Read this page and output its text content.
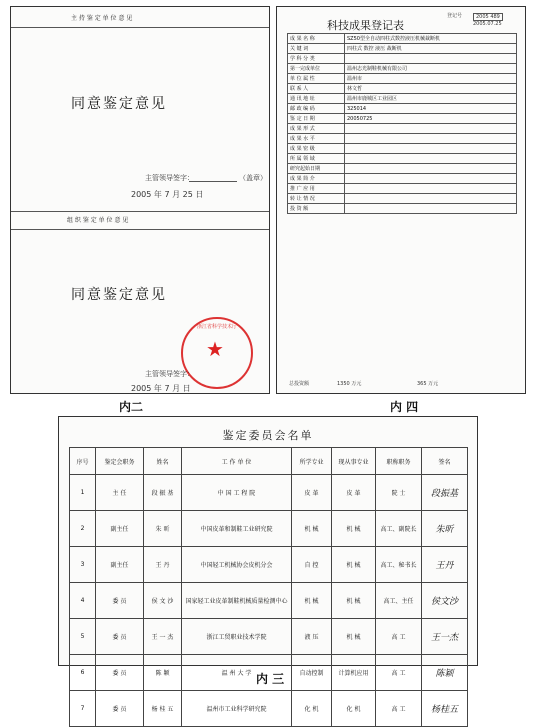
主 持 鉴 定 单 位 意 见
同意鉴定意见
主管领导签字：	（盖章）
2005 年 7 月 25 日
组 织 鉴 定 单 位 意 见
同意鉴定意见
★
浙江省科学技术厅
主管领导签字：
2005 年 7 月 日
内二
科技成果登记表
登记号	2005 489
2005.07.25
成 果 名 称	SZ50型全自动四柱式数控液压机械裁断机
关 键 词	四柱式 数控 液压 裁断机
学 科 分 类	
第一完成单位	温州志光制鞋机械有限公司
单 位 属 性	温州市
联 系 人	林文哲
通 讯 地 址	温州市鹿城区工业园区
邮 政 编 码	325014
鉴 定 日 期	20050725
成 果 形 式	
成 果 水 平	
成 果 密 级	
所 属 领 域	
研究起始日期	
成 果 简 介	
推 广 应 用	
转 让 情 况	
投 资 额	
总投资额	1350 万元	365 万元
内 四
鉴定委员会名单
序号	鉴定会职务	姓名	工 作 单 位	所学专业	现从事专业	职称职务	签名
1	主 任	段 振 基	中 国 工 程 院	皮 革	皮 革	院 士	段振基
2	副主任	朱 昕	中国皮革和制鞋工业研究院	机 械	机 械	高工、副院长	朱昕
3	副主任	王 丹	中国轻工机械协会皮机分会	自 控	机 械	高工、秘书长	王丹
4	委 员	侯 文 沙	国家轻工业皮革制鞋机械质量检测中心	机 械	机 械	高工、主任	侯文沙
5	委 员	王 一 杰	浙江工贸职业技术学院	液 压	机 械	高 工	王一杰
6	委 员	陈 颖	温 州 大 学	自动控制	计算机应用	高 工	陈颖
7	委 员	杨 桂 五	温州市工业科学研究院	化 机	化 机	高 工	杨桂五
内 三
